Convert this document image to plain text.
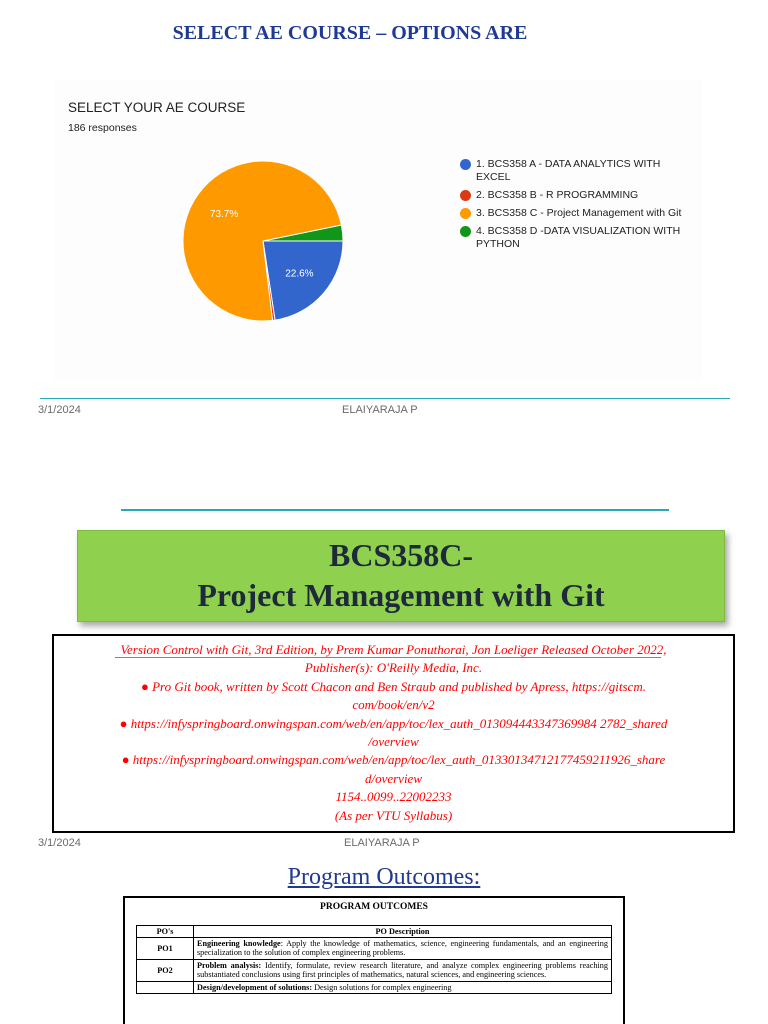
SELECT AE COURSE – OPTIONS ARE
SELECT YOUR AE COURSE
186 responses
22.6%
73.7%
1. BCS358 A - DATA ANALYTICS WITH EXCEL
2. BCS358 B - R PROGRAMMING
3. BCS358 C - Project Management with Git
4. BCS358 D -DATA VISUALIZATION WITH PYTHON
3/1/2024	ELAIYARAJA P
BCS358C-
Project Management with Git
Version Control with Git, 3rd Edition, by Prem Kumar Ponuthorai, Jon Loeliger Released October 2022,
Publisher(s): O'Reilly Media, Inc.
● Pro Git book, written by Scott Chacon and Ben Straub and published by Apress, https://gitscm.
com/book/en/v2
● https://infyspringboard.onwingspan.com/web/en/app/toc/lex_auth_013094443347369984 2782_shared
/overview
● https://infyspringboard.onwingspan.com/web/en/app/toc/lex_auth_01330134712177459211926_share
d/overview
1154..0099..22002233
(As per VTU Syllabus)
3/1/2024	ELAIYARAJA P
Program Outcomes:
PROGRAM OUTCOMES
PO's	PO Description
PO1	Engineering knowledge: Apply the knowledge of mathematics, science, engineering fundamentals, and an engineering specialization to the solution of complex engineering problems.
PO2	Problem analysis: Identify, formulate, review research literature, and analyze complex engineering problems reaching substantiated conclusions using first principles of mathematics, natural sciences, and engineering sciences.
	Design/development of solutions: Design solutions for complex engineering
